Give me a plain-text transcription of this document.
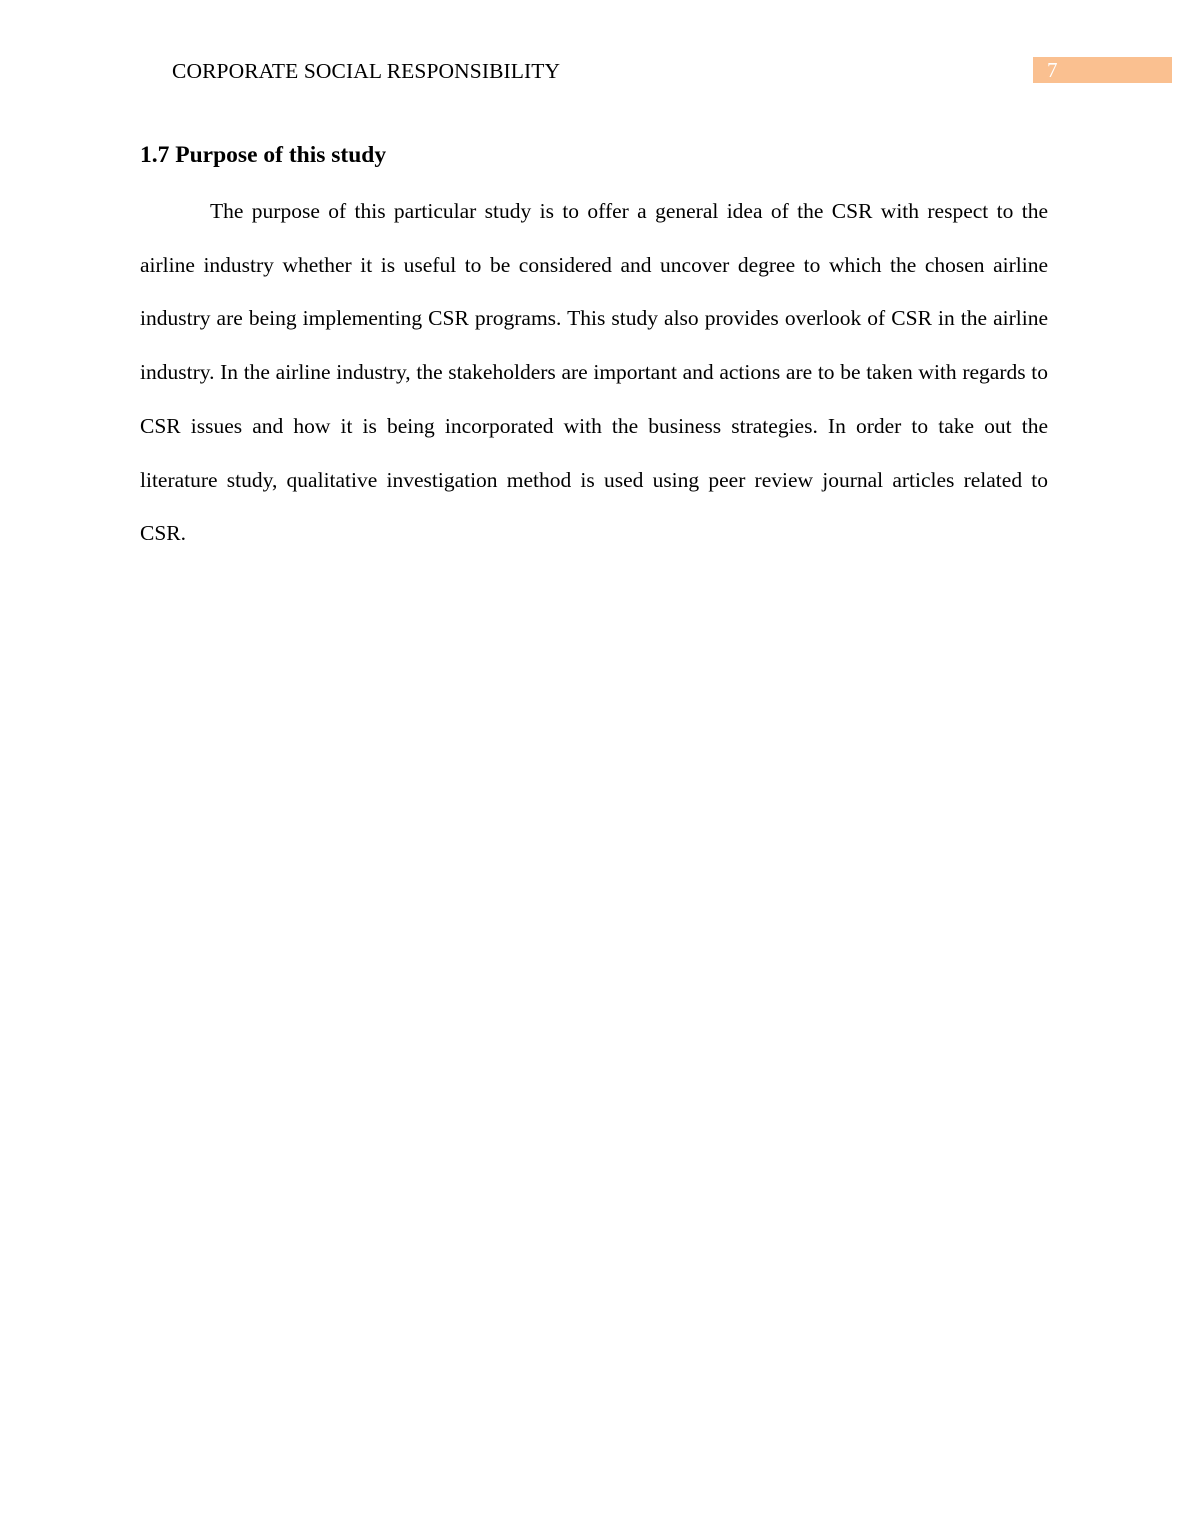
CORPORATE SOCIAL RESPONSIBILITY	7
1.7 Purpose of this study

The purpose of this particular study is to offer a general idea of the CSR with respect to the airline industry whether it is useful to be considered and uncover degree to which the chosen airline industry are being implementing CSR programs. This study also provides overlook of CSR in the airline industry. In the airline industry, the stakeholders are important and actions are to be taken with regards to CSR issues and how it is being incorporated with the business strategies. In order to take out the literature study, qualitative investigation method is used using peer review journal articles related to CSR.
